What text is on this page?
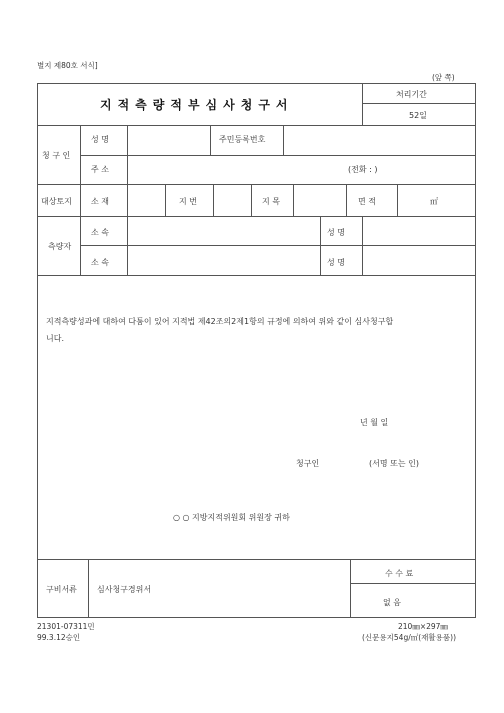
별지 제80호 서식]
(앞 쪽)
지적측량적부심사청구서
처리기간
52일
청 구 인
성 명	주민등록번호
주 소	(전화 : )
대상토지 소 재	지 번	지 목	면 적	㎡
측량자
소 속	성 명
소 속	성 명
지적측량성과에 대하여 다툼이 있어 지적법 제42조의2제1항의 규정에 의하여 위와 같이 심사청구합
니다.
년 월 일
청구인	(서명 또는 인)
○ ○ 지방지적위원회 위원장 귀하
구비서류	심사청구경위서
수 수 료
없 음
21301-07311민
99.3.12승인
210㎜×297㎜
(신문용지54g/㎡(재활용품))
